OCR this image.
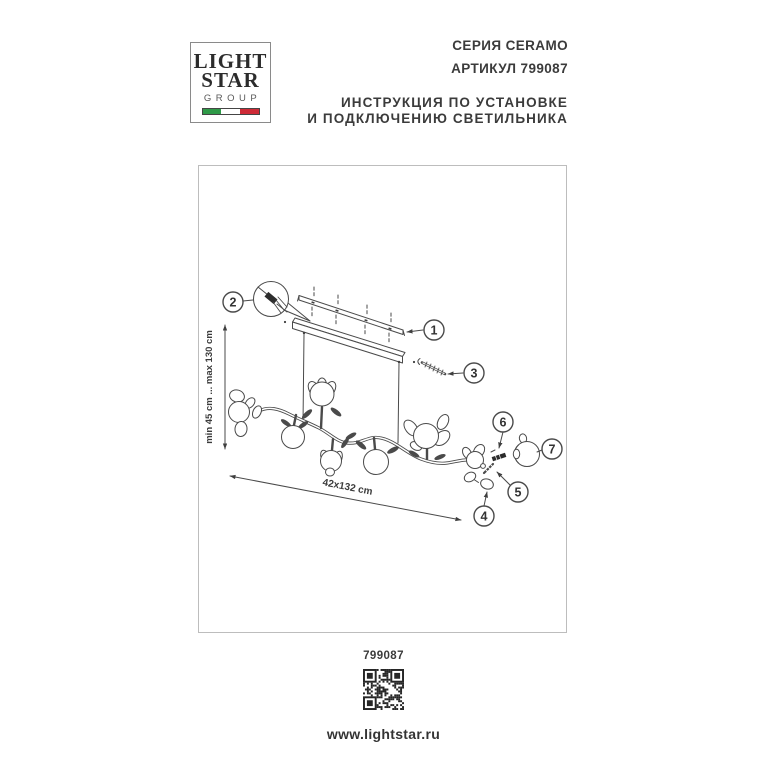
LIGHT
STAR
GROUP
СЕРИЯ CERAMO
АРТИКУЛ 799087
ИНСТРУКЦИЯ ПО УСТАНОВКЕ
И ПОДКЛЮЧЕНИЮ СВЕТИЛЬНИКА
min 45 cm ... max 130 cm
42x132 cm
1
2
3
4
5
6
7
799087
www.lightstar.ru
